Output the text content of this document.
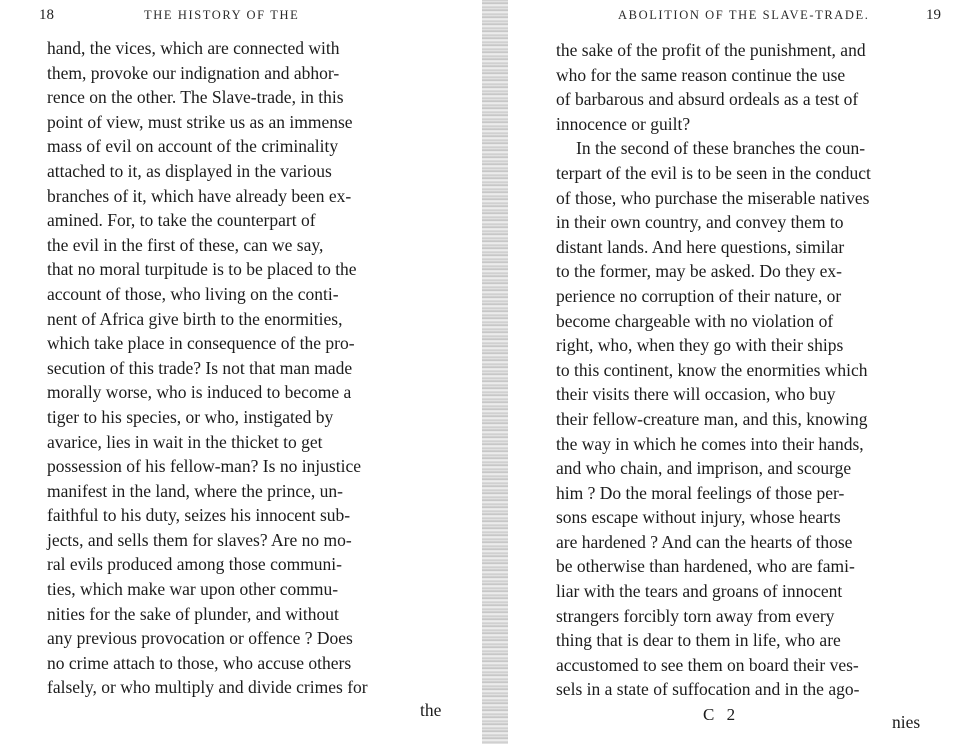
18	THE HISTORY OF THE
hand, the vices, which are connected with
them, provoke our indignation and abhor-
rence on the other. The Slave-trade, in this
point of view, must strike us as an immense
mass of evil on account of the criminality
attached to it, as displayed in the various
branches of it, which have already been ex-
amined. For, to take the counterpart of
the evil in the first of these, can we say,
that no moral turpitude is to be placed to the
account of those, who living on the conti-
nent of Africa give birth to the enormities,
which take place in consequence of the pro-
secution of this trade? Is not that man made
morally worse, who is induced to become a
tiger to his species, or who, instigated by
avarice, lies in wait in the thicket to get
possession of his fellow-man? Is no injustice
manifest in the land, where the prince, un-
faithful to his duty, seizes his innocent sub-
jects, and sells them for slaves? Are no mo-
ral evils produced among those communi-
ties, which make war upon other commu-
nities for the sake of plunder, and without
any previous provocation or offence ? Does
no crime attach to those, who accuse others
falsely, or who multiply and divide crimes for
the
ABOLITION OF THE SLAVE-TRADE.	19
the sake of the profit of the punishment, and
who for the same reason continue the use
of barbarous and absurd ordeals as a test of
innocence or guilt?
In the second of these branches the coun-
terpart of the evil is to be seen in the conduct
of those, who purchase the miserable natives
in their own country, and convey them to
distant lands. And here questions, similar
to the former, may be asked. Do they ex-
perience no corruption of their nature, or
become chargeable with no violation of
right, who, when they go with their ships
to this continent, know the enormities which
their visits there will occasion, who buy
their fellow-creature man, and this, knowing
the way in which he comes into their hands,
and who chain, and imprison, and scourge
him ? Do the moral feelings of those per-
sons escape without injury, whose hearts
are hardened ? And can the hearts of those
be otherwise than hardened, who are fami-
liar with the tears and groans of innocent
strangers forcibly torn away from every
thing that is dear to them in life, who are
accustomed to see them on board their ves-
sels in a state of suffocation and in the ago-
C 2	nies
